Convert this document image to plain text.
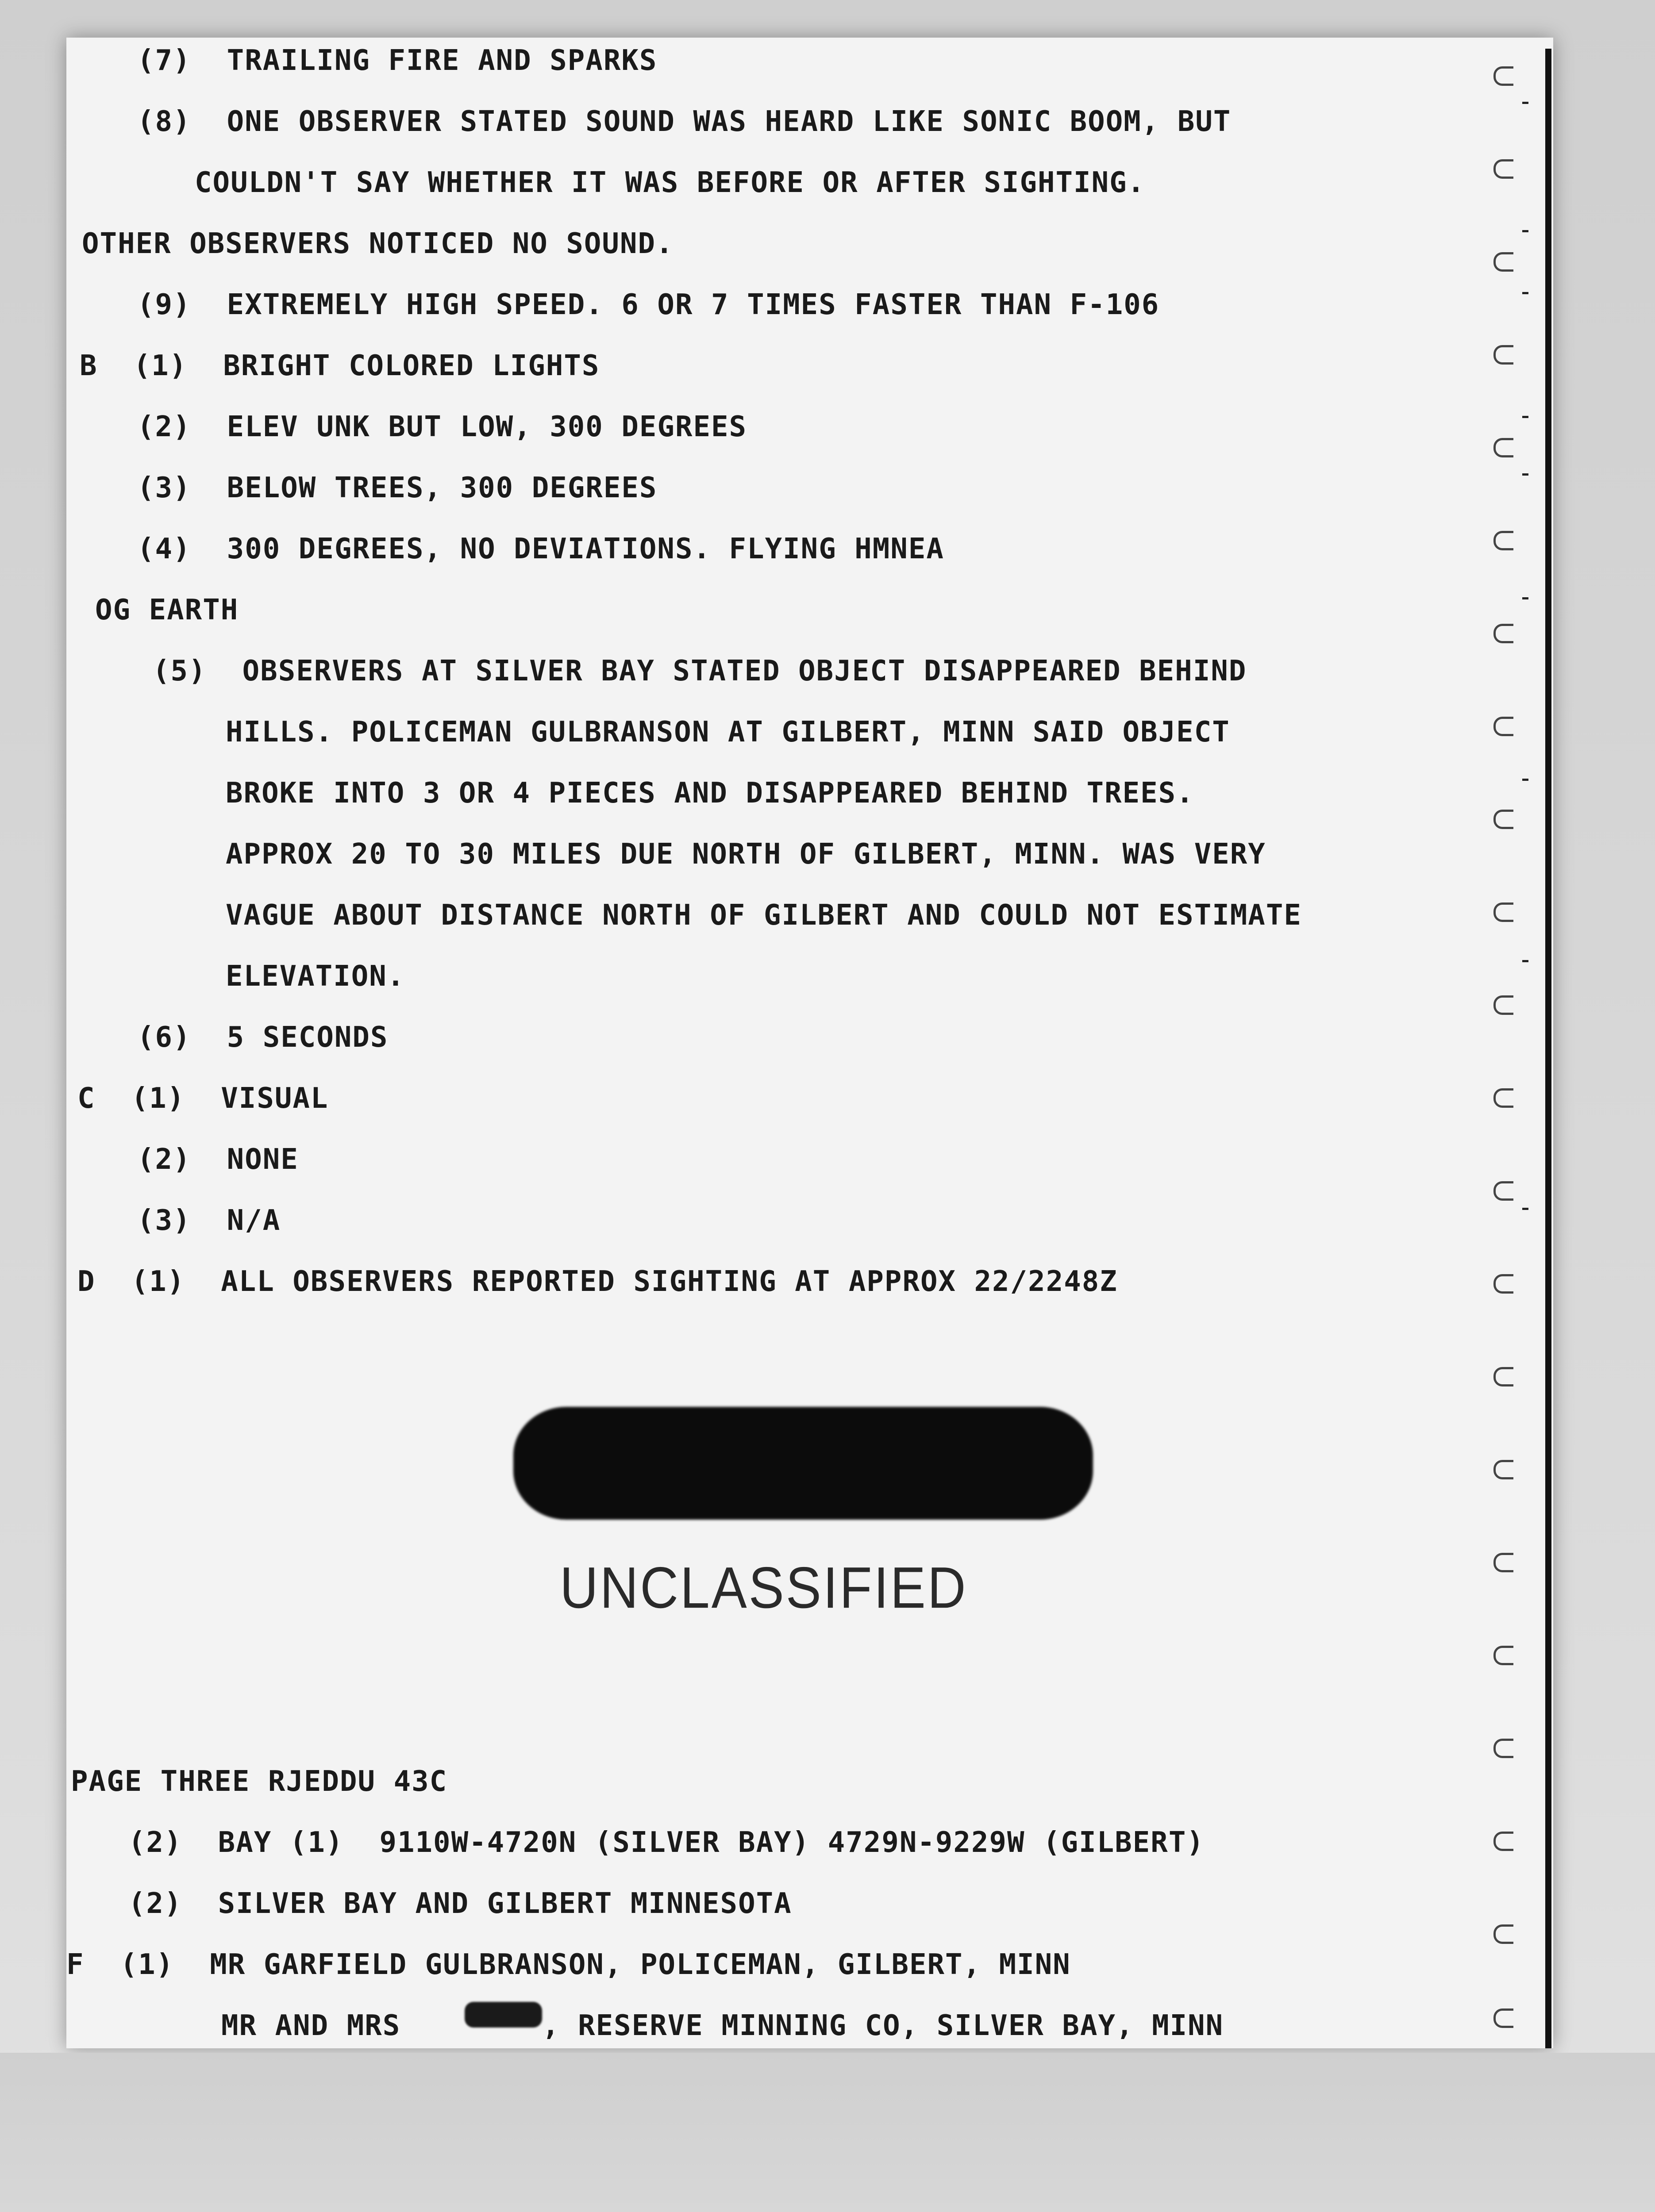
(7)  TRAILING FIRE AND SPARKS
(8)  ONE OBSERVER STATED SOUND WAS HEARD LIKE SONIC BOOM, BUT
COULDN'T SAY WHETHER IT WAS BEFORE OR AFTER SIGHTING.
OTHER OBSERVERS NOTICED NO SOUND.
(9)  EXTREMELY HIGH SPEED. 6 OR 7 TIMES FASTER THAN F-106
B  (1)  BRIGHT COLORED LIGHTS
(2)  ELEV UNK BUT LOW, 300 DEGREES
(3)  BELOW TREES, 300 DEGREES
(4)  300 DEGREES, NO DEVIATIONS. FLYING HMNEA
OG EARTH
(5)  OBSERVERS AT SILVER BAY STATED OBJECT DISAPPEARED BEHIND
HILLS. POLICEMAN GULBRANSON AT GILBERT, MINN SAID OBJECT
BROKE INTO 3 OR 4 PIECES AND DISAPPEARED BEHIND TREES.
APPROX 20 TO 30 MILES DUE NORTH OF GILBERT, MINN. WAS VERY
VAGUE ABOUT DISTANCE NORTH OF GILBERT AND COULD NOT ESTIMATE
ELEVATION.
(6)  5 SECONDS
C  (1)  VISUAL
(2)  NONE
(3)  N/A
D  (1)  ALL OBSERVERS REPORTED SIGHTING AT APPROX 22/2248Z
UNCLASSIFIED
PAGE THREE RJEDDU 43C
(2)  BAY (1)  9110W-4720N (SILVER BAY) 4729N-9229W (GILBERT)
(2)  SILVER BAY AND GILBERT MINNESOTA
F  (1)  MR GARFIELD GULBRANSON, POLICEMAN, GILBERT, MINN
MR AND MRS	, RESERVE MINNING CO, SILVER BAY, MINN
